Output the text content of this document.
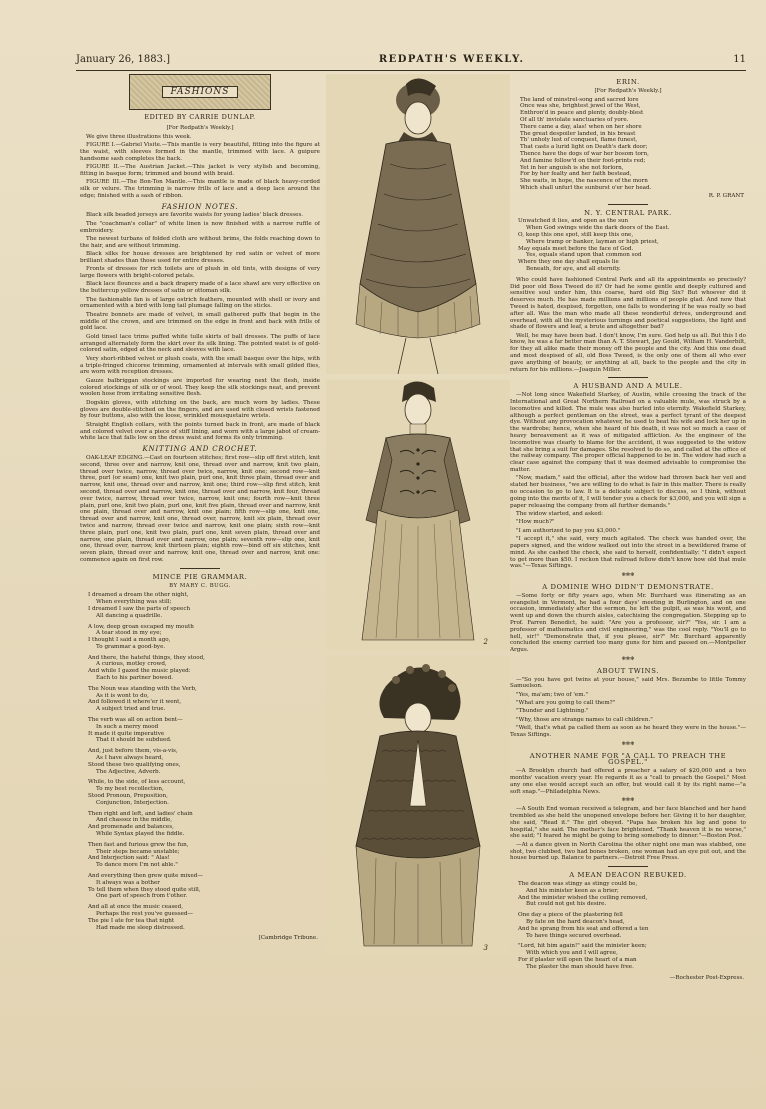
January 26, 1883.]	REDPATH'S WEEKLY.	11
FASHIONS
EDITED BY CARRIE DUNLAP.
[For Redpath's Weekly.]

We give three illustrations this week.

FIGURE I.—Gabriel Visite.—This mantle is very beautiful, fitting into the figure at the waist, with sleeves formed in the mantle, trimmed with lace. A guipure handsome sash completes the back.

FIGURE II.—The Austrian Jacket.—This jacket is very stylish and becoming, fitting in basque form; trimmed and bound with braid.

FIGURE III.—The Bon-Ton Mantle.—This mantle is made of black heavy-corded silk or velure. The trimming is narrow frills of lace and a deep lace around the edge; finished with a sash of ribbon.

FASHION NOTES.

Black silk beaded jerseys are favorite waists for young ladies' black dresses.

The "coachman's collar" of white linen is now finished with a narrow ruffle of embroidery.

The newest turbans of folded cloth are without brims, the folds reaching down to the hair, and are without trimming.

Black silks for house dresses are brightened by red satin or velvet of more brilliant shades than those used for entire dresses.

Fronts of dresses for rich toilets are of plush in old tints, with designs of very large flowers with bright-colored petals.

Black lace flounces and a back drapery made of a lace shawl are very effective on the buttercup yellow dresses of satin or ottoman silk.

The fashionable fan is of large ostrich feathers, mounted with shell or ivory and ornamented with a bird with long tail plumage falling on the sticks.

Theatre bonnets are made of velvet, in small gathered puffs that begin in the middle of the crown, and are trimmed on the edge in front and back with frills of gold lace.

Gold tinsel lace trims puffed white tulle skirts of ball dresses. The puffs of lace arranged alternately form the skirt over its silk lining. The pointed waist is of gold-colored satin, edged at the neck and sleeves with lace.

Very short-ribbed velvet or plush coats, with the small basque over the hips, with a triple-fringed chicoree trimming, ornamented at intervals with small gilded flies, are worn with reception dresses.

Gauze balbriggan stockings are imported for wearing next the flesh, inside colored stockings of silk or of wool. They keep the silk stockings neat, and prevent woolen hose from irritating sensitive flesh.

Dogskin gloves, with stitching on the back, are much worn by ladies. These gloves are double-stitched on the fingers, and are used with closed wrists fastened by four buttons, also with the loose, wrinkled mousquetaire wrists.

Straight English collars, with the points turned back in front, are made of black and colored velvet over a piece of stiff lining, and worn with a large jabot of cream-white lace that falls low on the dress waist and forms its only trimming.

KNITTING AND CROCHET.

OAK-LEAF EDGING.—Cast on fourteen stitches; first row—slip off first stitch, knit second, three over and narrow, knit one, thread over and narrow, knit two plain, thread over twice, narrow, thread over twice, narrow, knit one; second row—knit three, purl (or seam) one, knit two plain, purl one, knit three plain, thread over and narrow, knit one, thread over and narrow, knit one; third row—slip first stitch, knit second, thread over and narrow, knit one, thread over and narrow, knit four, thread over twice, narrow, thread over twice, narrow, knit one; fourth row—knit three plain, purl one, knit two plain, purl one, knit five plain, thread over and narrow, knit one plain, thread over and narrow, knit one plain; fifth row—slip one, knit one, thread over and narrow, knit one, thread over, narrow, knit six plain, thread over twice and narrow, thread over twice and narrow, knit one plain; sixth row—knit three plain, purl one, knit two plain, purl one, knit seven plain, thread over and narrow, one plain, thread over and narrow, one plain; seventh row—slip one, knit one, thread over, narrow, knit thirteen plain; eighth row—bind off six stitches, knit seven plain, thread over and narrow, knit one, thread over and narrow, knit one: commence again on first row.

MINCE PIE GRAMMAR.
BY MARY C. BUGG.
I dreamed a dream the other night,
When everything was still;
I dreamed I saw the parts of speech
All dancing a quadrille.
A low, deep groan escaped my mouth
A tear stood in my eye;
I thought I said a month ago,
To grammar a good-bye.
And there, the hateful things, they stood,
A curious, motley crowd,
And while I gazed the music played:
Each to his partner bowed.
The Noun was standing with the Verb,
As it is wont to do,
And followed it where'er it went,
A subject tried and true.
The verb was all on action bent—
In such a merry mood
It made it quite imperative
That it should be subdued.
And, just before them, vis-a-vis,
As I have always heard,
Stood these two qualifying ones,
The Adjective, Adverb.
While, to the side, of less account,
To my best recollection,
Stood Pronoun, Preposition,
Conjunction, Interjection.
Then right and left, and ladies' chain
And chassez in the middle,
And promenade and balances,
While Syntax played the fiddle.
Then fast and furious grew the fun,
Their steps became unstable;
And Interjection said: " Alas!
To dance more I'm not able."
And everything then grew quite mixed—
It always was a bother
To tell them when they stood quite still,
One part of speech from t'other.
And all at once the music ceased,
Perhaps the rest you've guessed—
The pie I ate for tea that night
Had made me sleep distressed.
[Cambridge Tribune.
2
3
ERIN.
[For Redpath's Weekly.]
The land of minstrel-song and sacred lore
Once was she, brightest jewel of the West,
Enthron'd in peace and plenty, doubly-blest
Of all th' inviolate sanctuaries of yore.
There came a day, alas! when on her shore
The great despoiler landed, in his breast
Th' unholy lust of conquest, flame funest,
That casts a lurid light on Death's dark door;
Thence have the dogs of war her bosom torn,
And famine follow'd on their foot-prints red;
Yet in her anguish is she not forlorn,
For by her fealty and her faith bestead,
She waits, in hope, the nascence of the morn
Which shall unfurl the sunburst o'er her head.
R. P. GRANT
N. Y. CENTRAL PARK.
Unwatched it lies, and open as the sun
When God swings wide the dark doors of the East.
O, keep this one spot, still keep this one,
Where tramp or banker, layman or high priest,
May equals meet before the face of God.
Yes, equals stand upon that common sod
Where they one day shall equals lie
Beneath, for aye, and all eternity.

Who could have fashioned Central Park and all its appointments so precisely? Did poor old Boss Tweed do it? Or had he some gentle and deeply cultured and sensitive soul under him, this coarse, hard old Big Six? But whoever did it deserves much. He has made millions and millions of people glad. And now that Tweed is hated, despised, forgotten, one falls to wondering if he was really so bad after all. Was the man who made all these wonderful drives, underground and overhead, with all the mysterious turnings and poetical suggestions, the light and shade of flowers and leaf, a brute and altogether bad?

Well, he may have been bad. I don't know, I'm sure. God help us all. But this I do know, he was a far better man than A. T. Stewart, Jay Gould, William H. Vanderbilt, for they all alike made their money off the people and the city. And this one dead and most despised of all, old Boss Tweed, is the only one of them all who ever gave anything of beauty, or anything at all, back to the people and the city in return for his millions.—Joaquin Miller.

A HUSBAND AND A MULE.

—Not long since Wakefield Starkey, of Austin, while crossing the track of the International and Great Northern Railroad on a valuable mule, was struck by a locomotive and killed. The mule was also hurled into eternity. Wakefield Starkey, although a perfect gentleman on the street, was a perfect tyrant of the deepest dye. Without any provocation whatever, he used to beat his wife and lock her up in the wardrobe; hence, when she heard of his death, it was not so much a case of heavy bereavement as it was of mitigated affliction. As the engineer of the locomotive was clearly to blame for the accident, it was suggested to the widow that she bring a suit for damages. She resolved to do so, and called at the office of the railway company. The proper official happened to be in. The widow had such a clear case against the company that it was deemed advisable to compromise the matter.

"Now, madam," said the official, after the widow had thrown back her veil and stated her business, "we are willing to do what is fair in this matter. There is really no occasion to go to law. It is a delicate subject to discuss, so I think, without going into the merits of it, I will tender you a check for $3,000, and you will sign a paper releasing the company from all further demands."

The widow started, and asked:

"How much?"

"I am authorized to pay you $3,000."

"I accept it," she said, very much agitated. The check was handed over, the papers signed, and the widow walked out into the street in a bewildered frame of mind. As she cashed the check, she said to herself, confidentially: "I didn't expect to get more than $50. I reckon that railroad fellow didn't know how old that mule was."—Texas Siftings.

✻✻✻
A DOMINIE WHO DIDN'T DEMONSTRATE.

—Some forty or fifty years ago, when Mr. Burchard was itinerating as an evangelist in Vermont, he had a four days' meeting in Burlington, and on one occasion, immediately after the sermon, he left the pulpit, as was his wont, and went up and down the church aisles, catechising the congregation. Stepping up to Prof. Farren Benedict, he said: "Are you a professor, sir?" "Yes, sir. I am a professor of mathematics and civil engineering," was the cool reply. "You'll go to hell, sir!" "Demonstrate that, if you please, sir?" Mr. Burchard apparently concluded the enemy carried too many guns for him and passed on.—Montpelier Argus.

✻✻✻
ABOUT TWINS.

—"So you have got twins at your house," said Mrs. Bezumbe to little Tommy Samuelson.

"Yes, ma'am; two of 'em."

"What are you going to call them?"

"Thunder and Lightning."

"Why, those are strange names to call children."

"Well, that's what pa called them as soon as he heard they were in the house."—Texas Siftings.

✻✻✻
ANOTHER NAME FOR "A CALL TO PREACH THE GOSPEL."

—A Brooklyn church had offered a preacher a salary of $20,000 and a two months' vacation every year. He regards it as a "call to preach the Gospel." Most any one else would accept such an offer, but would call it by its right name—"a soft snap."—Philadelphia News.

✻✻✻

—A South End woman received a telegram, and her face blanched and her hand trembled as she held the unopened envelope before her. Giving it to her daughter, she said, "Read it." The girl obeyed. "Papa has broken his leg and gone to hospital," she said. The mother's face brightened. "Thank heaven it is no worse," she said; "I feared he might be going to bring somebody to dinner."—Boston Post.

—At a dance given in North Carolina the other night one man was stabbed, one shot, two clubbed, two had bones broken, one woman had an eye put out, and the house burned up. Balance to partners.—Detroit Free Press.

A MEAN DEACON REBUKED.
The deacon was stingy as stingy could be,
And his minister keen as a brier;
And the minister wished the ceiling removed,
But could not get his desire.
One day a piece of the plastering fell
By fate on the hard deacon's head,
And he sprang from his seat and offered a ten
To have things secured overhead.
"Lord, hit him again!" said the minister keen;
With which you and I will agree,
For if plaster will open the heart of a man
The plaster the man should have free.
—Rochester Post-Express.
